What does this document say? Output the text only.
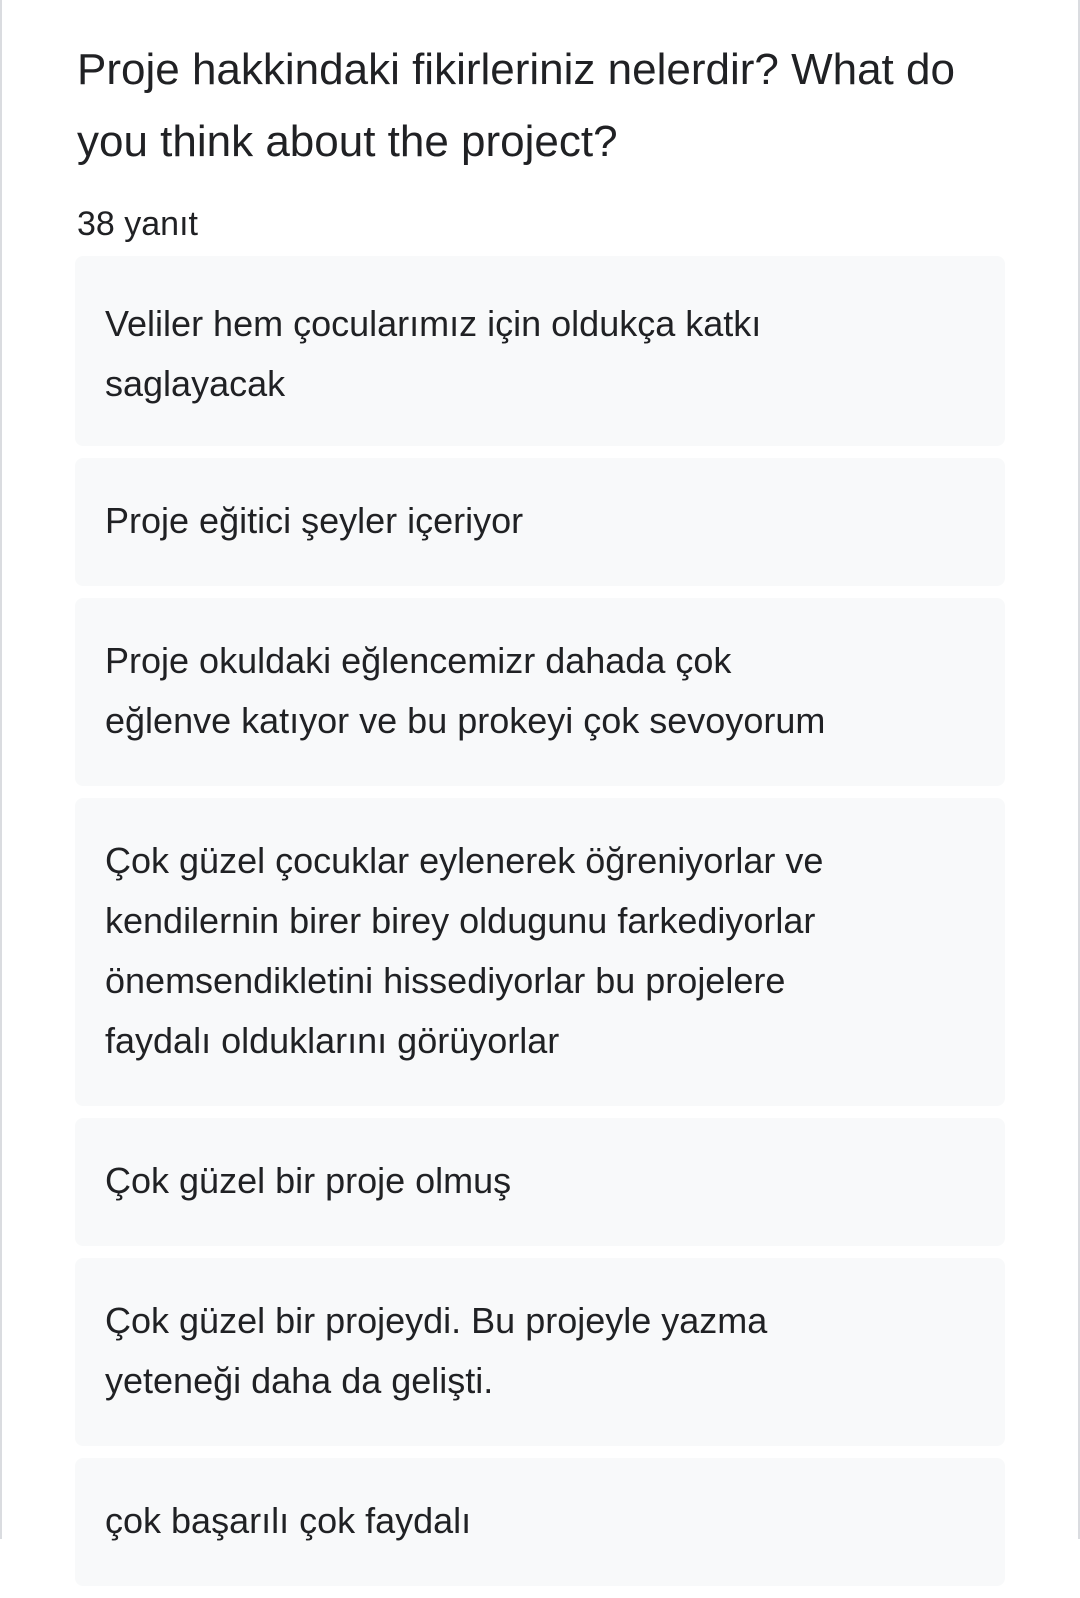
Proje hakkindaki fikirleriniz nelerdir? What do you think about the project?
38 yanıt
Veliler hem çocularımız için oldukça katkı
saglayacak
Proje eğitici şeyler içeriyor
Proje okuldaki eğlencemizr dahada çok
eğlenve katıyor ve bu prokeyi çok sevoyorum
Çok güzel çocuklar eylenerek öğreniyorlar ve
kendilernin birer birey oldugunu farkediyorlar
önemsendikletini hissediyorlar bu projelere
faydalı olduklarını görüyorlar
Çok güzel bir proje olmuş
Çok güzel bir projeydi. Bu projeyle yazma
yeteneği daha da gelişti.
çok başarılı çok faydalı
